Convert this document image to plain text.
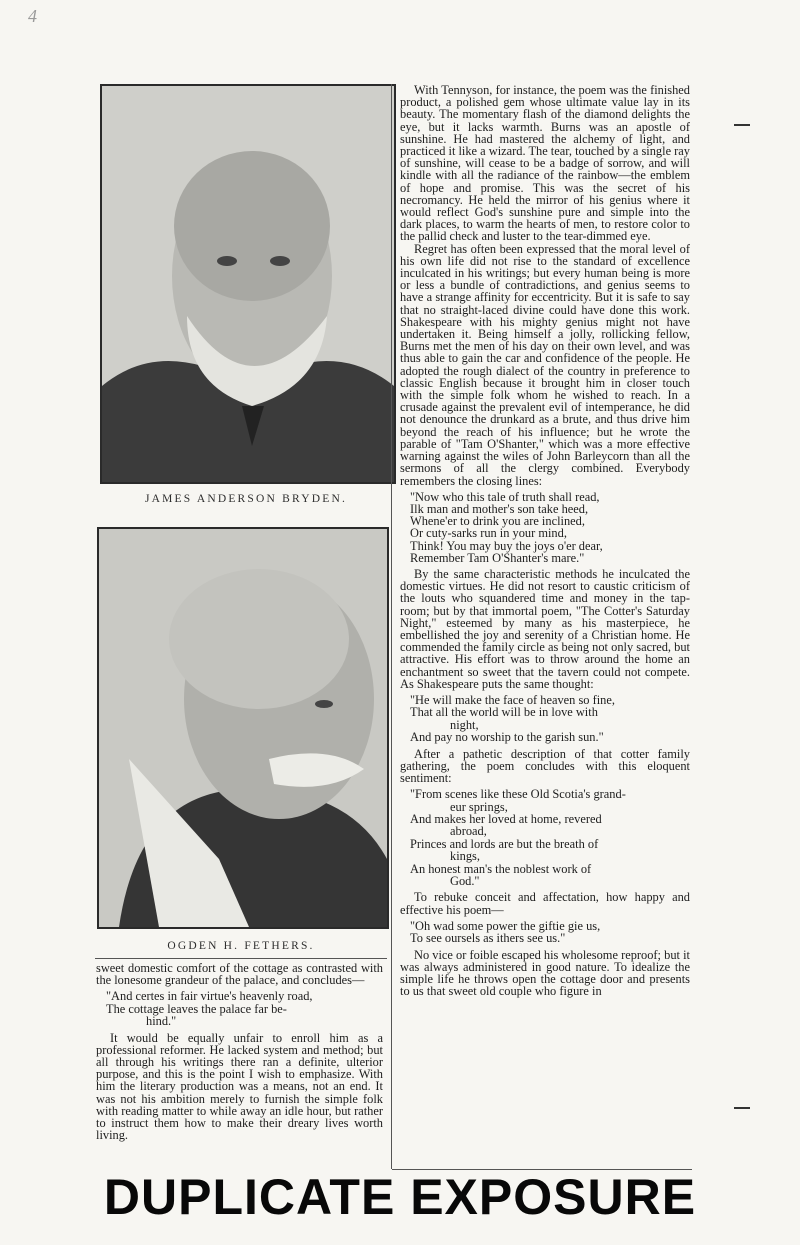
4
JAMES ANDERSON BRYDEN.
OGDEN H. FETHERS.

With Tennyson, for instance, the poem was the finished product, a polished gem whose ultimate value lay in its beauty. The momentary flash of the diamond delights the eye, but it lacks warmth. Burns was an apostle of sunshine. He had mastered the alchemy of light, and practiced it like a wizard. The tear, touched by a single ray of sunshine, will cease to be a badge of sorrow, and will kindle with all the radiance of the rainbow—the emblem of hope and promise. This was the secret of his necromancy. He held the mirror of his genius where it would reflect God's sunshine pure and simple into the dark places, to warm the hearts of men, to restore color to the pallid check and luster to the tear-dimmed eye.

Regret has often been expressed that the moral level of his own life did not rise to the standard of excellence inculcated in his writings; but every human being is more or less a bundle of contradictions, and genius seems to have a strange affinity for eccentricity. But it is safe to say that no straight-laced divine could have done this work. Shakespeare with his mighty genius might not have undertaken it. Being himself a jolly, rollicking fellow, Burns met the men of his day on their own level, and was thus able to gain the car and confidence of the people. He adopted the rough dialect of the country in preference to classic English because it brought him in closer touch with the simple folk whom he wished to reach. In a crusade against the prevalent evil of intemperance, he did not denounce the drunkard as a brute, and thus drive him beyond the reach of his influence; but he wrote the parable of "Tam O'Shanter," which was a more effective warning against the wiles of John Barleycorn than all the sermons of all the clergy combined. Everybody remembers the closing lines:

"Now who this tale of truth shall read,
Ilk man and mother's son take heed,
Whene'er to drink you are inclined,
Or cuty-sarks run in your mind,
Think! You may buy the joys o'er dear,
Remember Tam O'Shanter's mare."

By the same characteristic methods he inculcated the domestic virtues. He did not resort to caustic criticism of the louts who squandered time and money in the tap-room; but by that immortal poem, "The Cotter's Saturday Night," esteemed by many as his masterpiece, he embellished the joy and serenity of a Christian home. He commended the family circle as being not only sacred, but attractive. His effort was to throw around the home an enchantment so sweet that the tavern could not compete. As Shakespeare puts the same thought:

"He will make the face of heaven so fine,
That all the world will be in love with
night,
And pay no worship to the garish sun."

After a pathetic description of that cotter family gathering, the poem concludes with this eloquent sentiment:

"From scenes like these Old Scotia's grand-
eur springs,
And makes her loved at home, revered
abroad,
Princes and lords are but the breath of
kings,
An honest man's the noblest work of
God."

To rebuke conceit and affectation, how happy and effective his poem—

"Oh wad some power the giftie gie us,
To see oursels as ithers see us."

No vice or foible escaped his wholesome reproof; but it was always administered in good nature. To idealize the simple life he throws open the cottage door and presents to us that sweet old couple who figure in

sweet domestic comfort of the cottage as contrasted with the lonesome grandeur of the palace, and concludes—

"And certes in fair virtue's heavenly road,
The cottage leaves the palace far be-
hind."

It would be equally unfair to enroll him as a professional reformer. He lacked system and method; but all through his writings there ran a definite, ulterior purpose, and this is the point I wish to emphasize. With him the literary production was a means, not an end. It was not his ambition merely to furnish the simple folk with reading matter to while away an idle hour, but rather to instruct them how to make their dreary lives worth living.

DUPLICATE EXPOSURE
